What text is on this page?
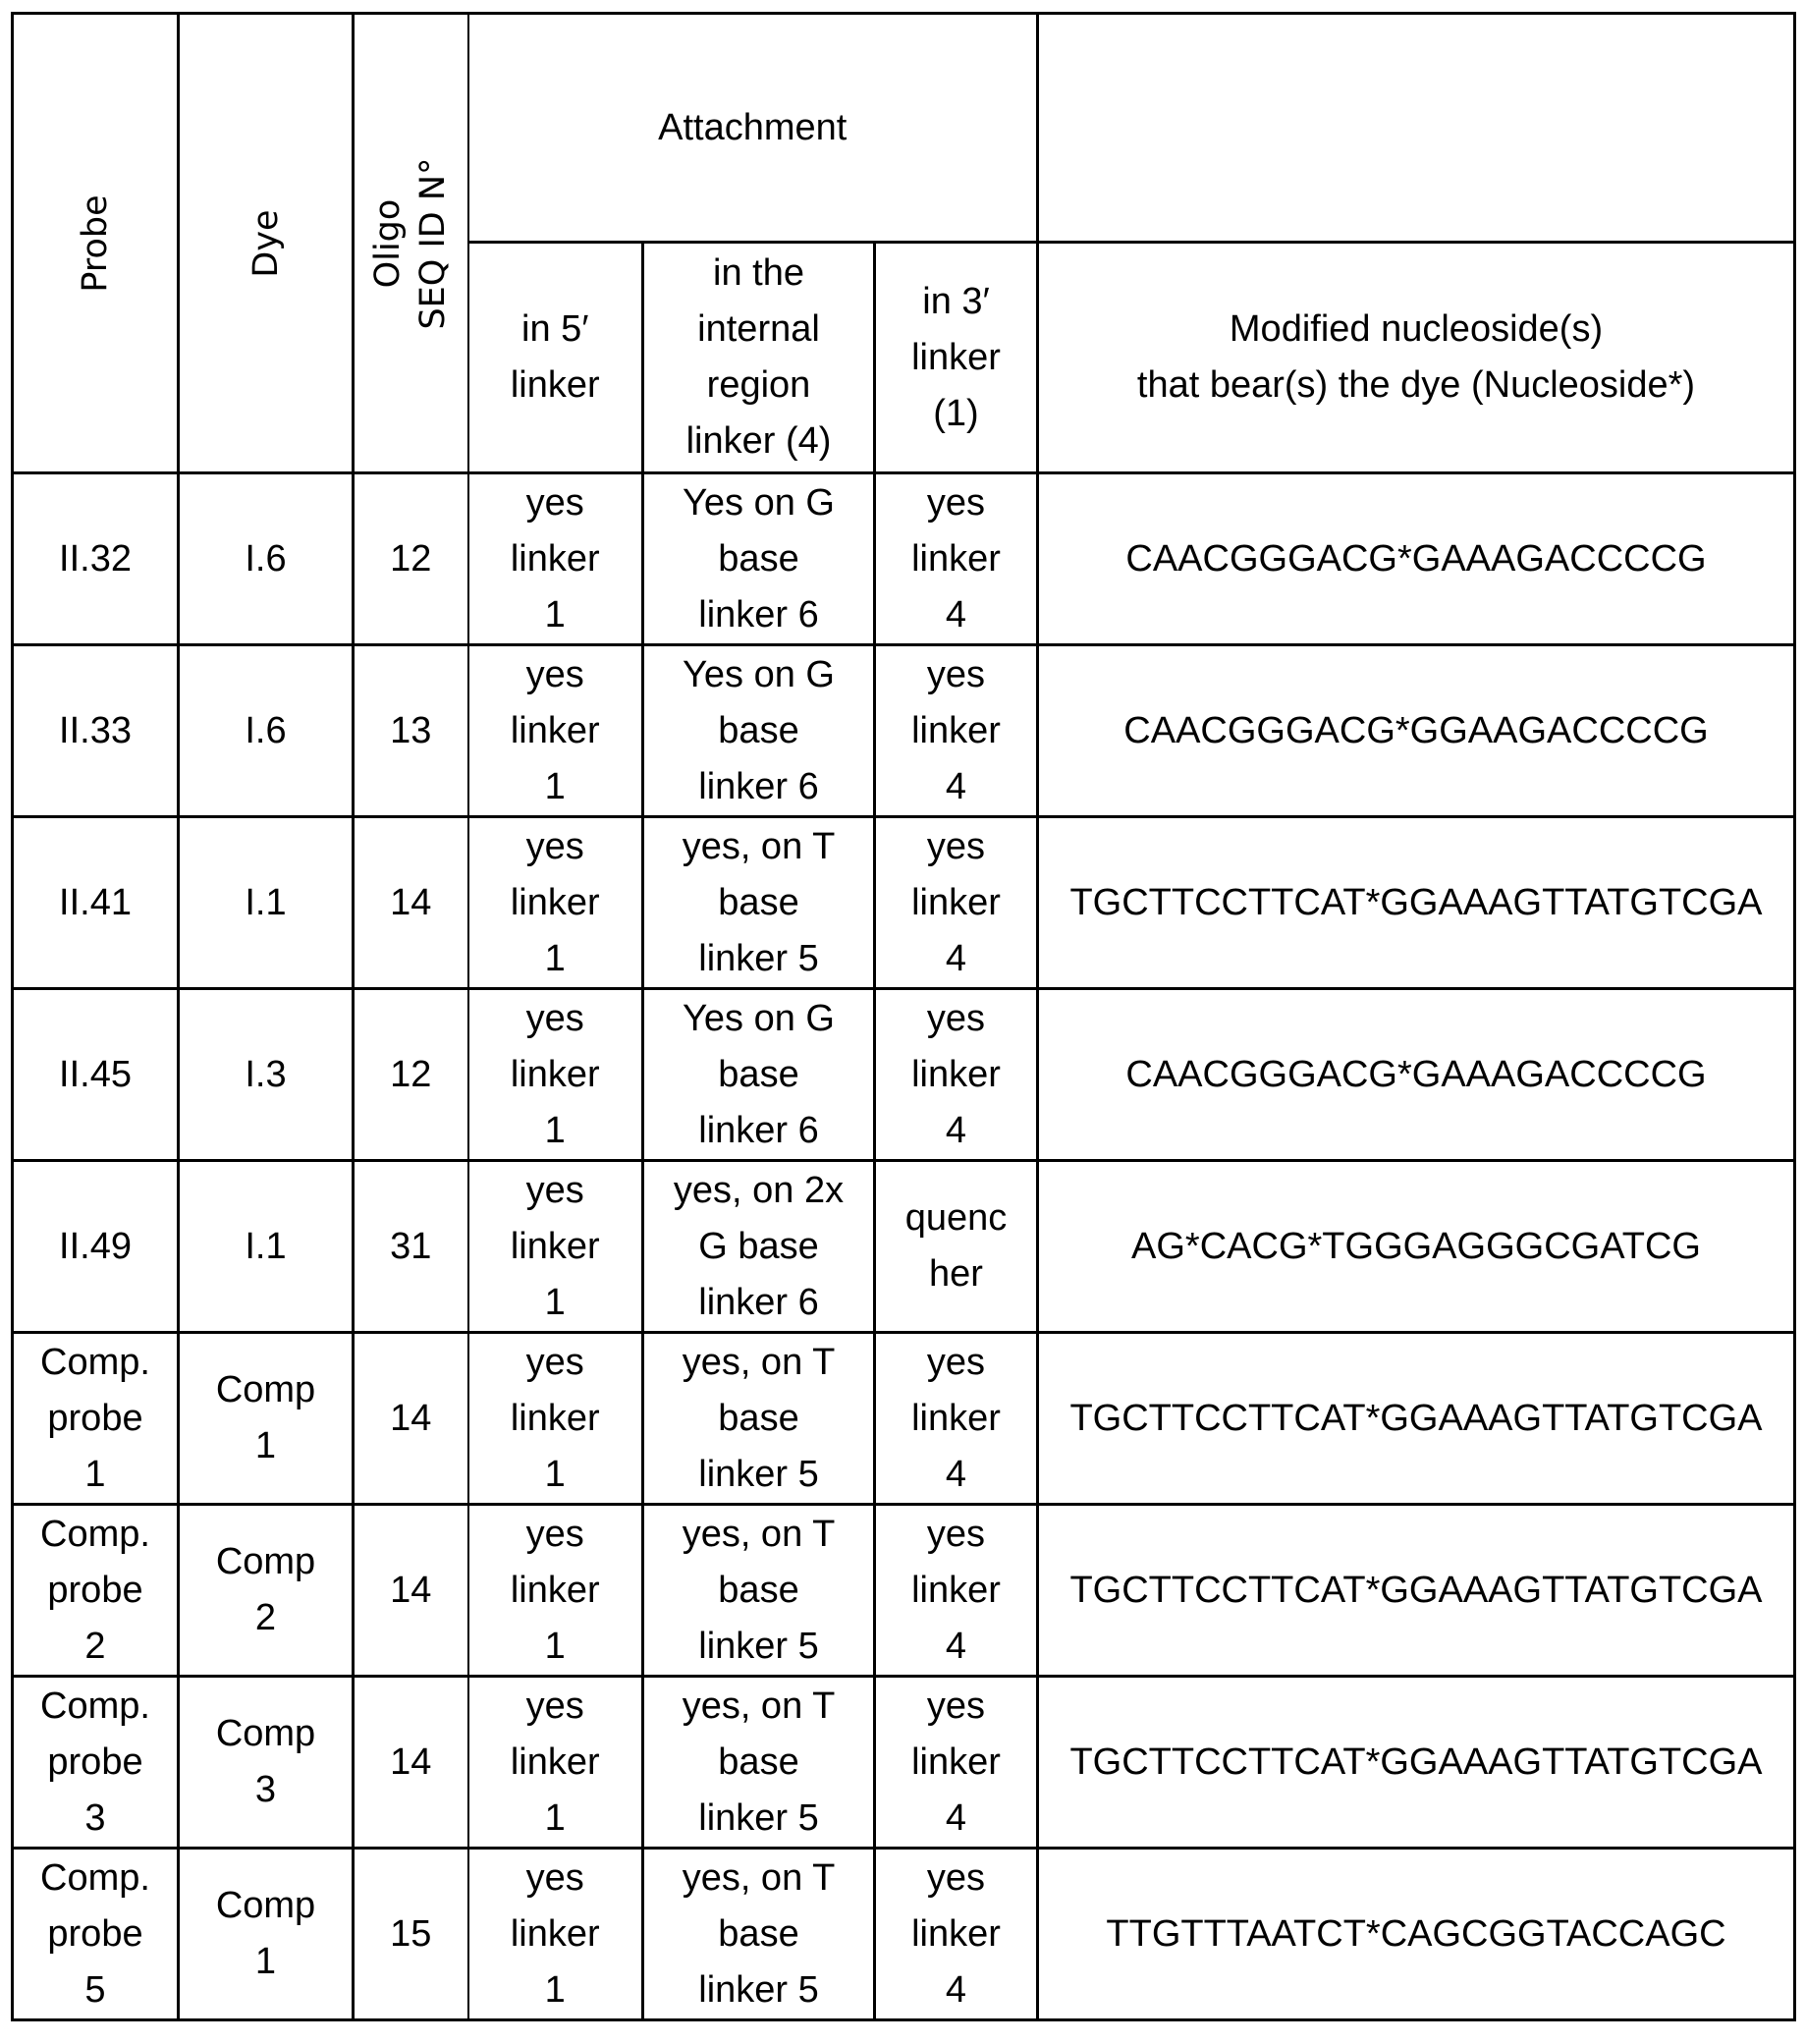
Probe	Dye	Oligo SEQ ID N°	Attachment			

			in 5′
linker	in the
internal
region
linker (4)	in 3′
linker
(1)	Modified nucleoside(s)
that bear(s) the dye (Nucleoside*)

II.32	I.6	12	yes
linker
1	Yes on G
base
linker 6	yes
linker
4	CAACGGGACG*GAAAGACCCCG

II.33	I.6	13	yes
linker
1	Yes on G
base
linker 6	yes
linker
4	CAACGGGACG*GGAAGACCCCG

II.41	I.1	14	yes
linker
1	yes, on T
base
linker 5	yes
linker
4	TGCTTCCTTCAT*GGAAAGTTATGTCGA

II.45	I.3	12	yes
linker
1	Yes on G
base
linker 6	yes
linker
4	CAACGGGACG*GAAAGACCCCG

II.49	I.1	31	yes
linker
1	yes, on 2x
G base
linker 6	quenc
her	AG*CACG*TGGGAGGGCGATCG

Comp.
probe
1	Comp
1	14	yes
linker
1	yes, on T
base
linker 5	yes
linker
4	TGCTTCCTTCAT*GGAAAGTTATGTCGA

Comp.
probe
2	Comp
2	14	yes
linker
1	yes, on T
base
linker 5	yes
linker
4	TGCTTCCTTCAT*GGAAAGTTATGTCGA

Comp.
probe
3	Comp
3	14	yes
linker
1	yes, on T
base
linker 5	yes
linker
4	TGCTTCCTTCAT*GGAAAGTTATGTCGA

Comp.
probe
5	Comp
1	15	yes
linker
1	yes, on T
base
linker 5	yes
linker
4	TTGTTTAATCT*CAGCGGTACCAGC
